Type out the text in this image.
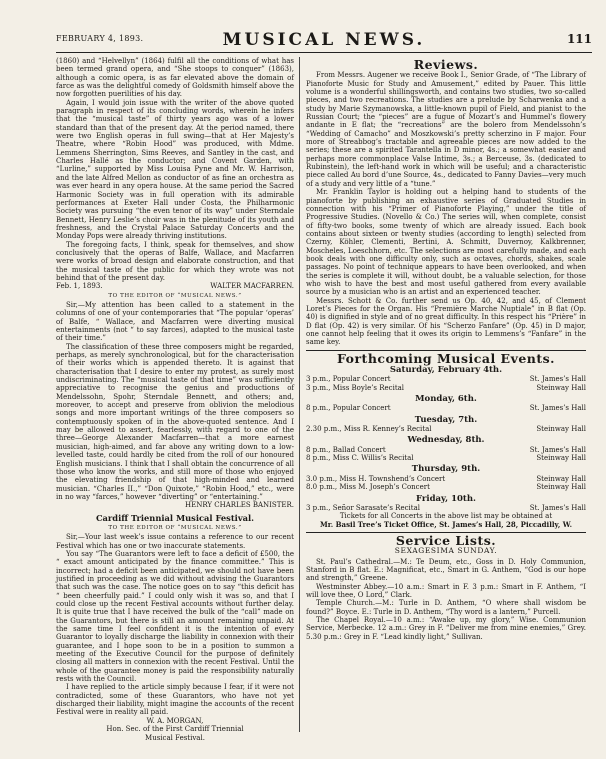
FEBRUARY 4, 1893.	MUSICAL NEWS.	111

(1860) and “Helvellyn” (1864) fulfil all the conditions of what has been termed grand opera, and “She stoops to conquer” (1863), although a comic opera, is as far elevated above the domain of farce as was the delightful comedy of Goldsmith himself above the now forgotten puerilities of his day.

Again, I would join issue with the writer of the above quoted paragraph in respect of its concluding words, wherein he infers that the “musical taste” of thirty years ago was of a lower standard than that of the present day. At the period named, there were two English operas in full swing—that at Her Majesty’s Theatre, where “Robin Hood” was produced, with Mdme. Lemmens Sherrington, Sims Reeves, and Santley in the cast, and Charles Hallé as the conductor; and Covent Garden, with “Lurline,” supported by Miss Louisa Pyne and Mr. W. Harrison, and the late Alfred Mellon as conductor of as fine an orchestra as was ever heard in any opera house. At the same period the Sacred Harmonic Society was in full operation with its admirable performances at Exeter Hall under Costa, the Philharmonic Society was pursuing “the even tenor of its way” under Sterndale Bennett, Henry Leslie’s choir was in the plenitude of its youth and freshness, and the Crystal Palace Saturday Concerts and the Monday Pops were already thriving institutions.

The foregoing facts, I think, speak for themselves, and show conclusively that the operas of Balfe, Wallace, and Macfarren were works of broad design and elaborate construction, and that the musical taste of the public for which they wrote was not behind that of the present day.

Feb. 1, 1893.	WALTER MACFARREN.
TO THE EDITOR OF “MUSICAL NEWS.”

Sir,—My attention has been called to a statement in the columns of one of your contemporaries that “The popular ‘operas’ of Balfe, “ Wallace, and Macfarren were diverting musical entertainments (not “ to say farces), adapted to the musical taste of their time.”

The classification of these three composers might be regarded, perhaps, as merely synchronological, but for the characterisation of their works which is appended thereto. It is against that characterisation that I desire to enter my protest, as surely most undiscriminating. The “musical taste of that time” was sufficiently appreciative to recognise the genius and productions of Mendelssohn, Spohr, Sterndale Bennett, and others; and, moreover, to accept and preserve from oblivion the melodious songs and more important writings of the three composers so contemptuously spoken of in the above-quoted sentence. And I may be allowed to assert, fearlessly, with regard to one of the three—George Alexander Macfarren—that a more earnest musician, high-aimed, and far above any writing down to a low-levelled taste, could hardly be cited from the roll of our honoured English musicians. I think that I shall obtain the concurrence of all those who know the works, and still more of those who enjoyed the elevating friendship of that high-minded and learned musician. “Charles II.,” “Don Quixote,” “Robin Hood,” etc., were in no way “farces,” however “diverting” or “entertaining.”

HENRY CHARLES BANISTER.
Cardiff Triennial Musical Festival.
TO THE EDITOR OF “MUSICAL NEWS.”

Sir,—Your last week’s issue contains a reference to our recent Festival which has one or two inaccurate statements.

You say “The Guarantors were left to face a deficit of £500, the “ exact amount anticipated by the finance committee.” This is incorrect; had a deficit been anticipated, we should not have been justified in proceeding as we did without advising the Guarantors that such was the case. The notice goes on to say “this deficit has “ been cheerfully paid.” I could only wish it was so, and that I could close up the recent Festival accounts without further delay. It is quite true that I have received the bulk of the “call” made on the Guarantors, but there is still an amount remaining unpaid. At the same time I feel confident it is the intention of every Guarantor to loyally discharge the liability in connexion with their guarantee, and I hope soon to be in a position to summon a meeting of the Executive Council for the purpose of definitely closing all matters in connexion with the recent Festival. Until the whole of the guarantee money is paid the responsibility naturally rests with the Council.

I have replied to the article simply because I fear, if it were not contradicted, some of these Guarantors, who have not yet discharged their liability, might imagine the accounts of the recent Festival were in reality all paid.

W. A. MORGAN,
Hon. Sec. of the First Cardiff Triennial
Musical Festival.
Reviews.

From Messrs. Augener we receive Book I., Senior Grade, of “The Library of Pianoforte Music for Study and Amusement,” edited by Pauer. This little volume is a wonderful shillingsworth, and contains two studies, two so-called pieces, and two recreations. The studies are a prelude by Scharwenka and a study by Marie Szymanowska, a little-known pupil of Field, and pianist to the Russian Court; the “pieces” are a fugue of Mozart’s and Hummel’s flowery andante in E flat; the “recreations” are the bolero from Mendelssohn’s “Wedding of Camacho” and Moszkowski’s pretty scherzino in F major. Four more of Streabbog’s tractable and agreeable pieces are now added to the series; these are a spirited Tarantella in D minor, 4s.; a somewhat easier and perhaps more commonplace Valse Intime, 3s.; a Berceuse, 3s. (dedicated to Rubinstein), the left-hand work in which will be useful; and a characteristic piece called Au bord d’une Source, 4s., dedicated to Fanny Davies—very much of a study and very little of a “tune.”

Mr. Franklin Taylor is holding out a helping hand to students of the pianoforte by publishing an exhaustive series of Graduated Studies in connection with his “Primer of Pianoforte Playing,” under the title of Progressive Studies. (Novello & Co.) The series will, when complete, consist of fifty-two books, some twenty of which are already issued. Each book contains about sixteen or twenty studies (according to length) selected from Czerny, Köhler, Clementi, Bertini, A. Schmitt, Duvernoy, Kalkbrenner, Moscheles, Loeschhorn, etc. The selections are most carefully made, and each book deals with one difficulty only, such as octaves, chords, shakes, scale passages. No point of technique appears to have been overlooked, and when the series is complete it will, without doubt, be a valuable selection, for those who wish to have the best and most useful gathered from every available source by a musician who is an artist and an experienced teacher.

Messrs. Schott & Co. further send us Op. 40, 42, and 45, of Clement Loret’s Pieces for the Organ. His “Première Marche Nuptiale” in B flat (Op. 40) is dignified in style and of no great difficulty. In this respect his “Prière” in D flat (Op. 42) is very similar. Of his “Scherzo Fanfare” (Op. 45) in D major, one cannot help feeling that it owes its origin to Lemmens’s “Fanfare” in the same key.

Forthcoming Musical Events.
Saturday, February 4th.
3 p.m., Popular Concert	St. James’s Hall
3 p.m., Miss Boyle’s Recital	Steinway Hall
Monday, 6th.
8 p.m., Popular Concert	St. James’s Hall
Tuesday, 7th.
2.30 p.m., Miss R. Kenney’s Recital	Steinway Hall
Wednesday, 8th.
8 p.m., Ballad Concert	St. James’s Hall
8 p.m., Miss C. Willis’s Recital	Steinway Hall
Thursday, 9th.
3.0 p.m., Miss H. Townshend’s Concert	Steinway Hall
8.0 p.m., Miss M. Joseph’s Concert	Steinway Hall
Friday, 10th.
3 p.m., Señor Sarasate’s Recital	St. James’s Hall
Tickets for all Concerts in the above list may be obtained at
Mr. Basil Tree’s Ticket Office, St. James’s Hall, 28, Piccadilly, W.
Service Lists.
SEXAGESIMA SUNDAY.

St. Paul’s Cathedral.—M.: Te Deum, etc., Goss in D. Holy Communion, Stanford in B flat. E.: Magnificat, etc., Smart in G. Anthem, “God is our hope and strength,” Greene.

Westminster Abbey.—10 a.m.: Smart in F. 3 p.m.: Smart in F. Anthem, “I will love thee, O Lord,” Clark.

Temple Church.—M.: Turle in D. Anthem, “O where shall wisdom be found?” Boyce. E.: Turle in D. Anthem, “Thy word is a lantern,” Purcell.

The Chapel Royal.—10 a.m.: “Awake up, my glory,” Wise. Communion Service, Merbecke. 12 a.m.: Grey in F. “Deliver me from mine enemies,” Grey. 5.30 p.m.: Grey in F. “Lead kindly light,” Sullivan.
